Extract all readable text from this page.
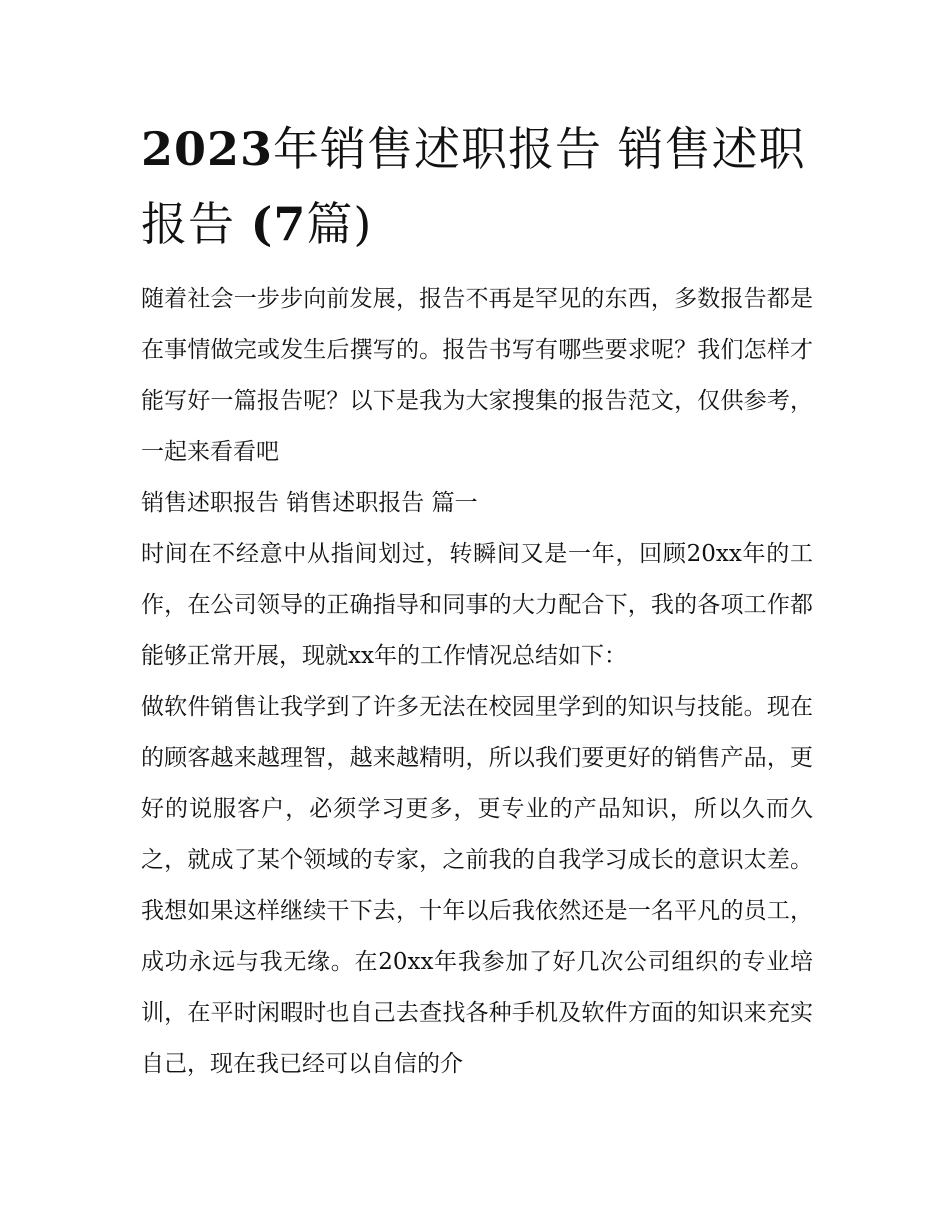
2023年销售述职报告 销售述职报告 (7篇)

随着社会一步步向前发展，报告不再是罕见的东西，多数报告都是在事情做完或发生后撰写的。报告书写有哪些要求呢？我们怎样才能写好一篇报告呢？以下是我为大家搜集的报告范文，仅供参考，一起来看看吧

销售述职报告 销售述职报告 篇一

时间在不经意中从指间划过，转瞬间又是一年，回顾20xx年的工作，在公司领导的正确指导和同事的大力配合下，我的各项工作都能够正常开展，现就xx年的工作情况总结如下：

做软件销售让我学到了许多无法在校园里学到的知识与技能。现在的顾客越来越理智，越来越精明，所以我们要更好的销售产品，更好的说服客户，必须学习更多，更专业的产品知识，所以久而久之，就成了某个领域的专家，之前我的自我学习成长的意识太差。我想如果这样继续干下去，十年以后我依然还是一名平凡的员工，成功永远与我无缘。在20xx年我参加了好几次公司组织的专业培训，在平时闲暇时也自己去查找各种手机及软件方面的知识来充实自己，现在我已经可以自信的介
